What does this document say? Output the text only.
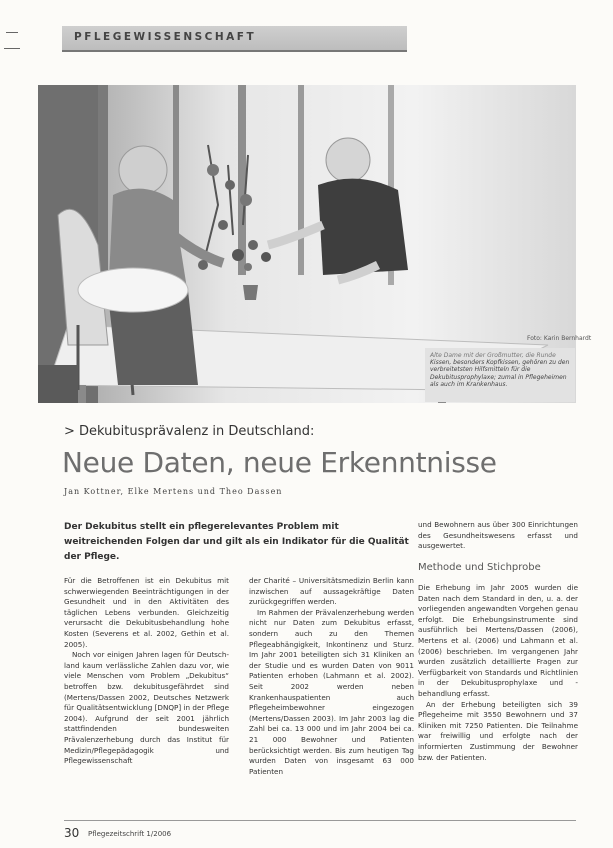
PFLEGEWISSENSCHAFT
Foto: Karin Bernhardt
Alte Dame mit der Großmutter, die Runde
Kissen, besonders Kopfkissen, gehören zu den verbreitetsten Hilfsmitteln für die Dekubitusprophylaxe; zumal in Pflegeheimen als auch im Krankenhaus.
> Dekubitusprävalenz in Deutschland:
Neue Daten, neue Erkenntnisse
Jan Kottner, Elke Mertens und Theo Dassen
Der Dekubitus stellt ein pflegerelevantes Problem mit weitreichenden Folgen dar und gilt als ein Indikator für die Qualität der Pflege.

Für die Betroffenen ist ein Dekubitus mit schwerwiegenden Beeinträchtigungen in der Gesundheit und in den Aktivitäten des täglichen Lebens verbunden. Gleichzeitig verursacht die Dekubitusbehandlung hohe Kosten (Severens et al. 2002, Gethin et al. 2005).

Noch vor einigen Jahren lagen für Deutschland kaum verlässliche Zahlen dazu vor, wie viele Menschen vom Problem „Dekubitus“ betroffen bzw. dekubitusgefährdet sind (Mertens/Dassen 2002, Deutsches Netzwerk für Qualitätsentwicklung [DNQP] in der Pflege 2004). Aufgrund der seit 2001 jährlich stattfindenden bundesweiten Prävalenzerhebung durch das Institut für Medizin/Pflegepädagogik und Pflegewissenschaft

der Charité – Universitätsmedizin Berlin kann inzwischen auf aussagekräftige Daten zurückgegriffen werden.

Im Rahmen der Prävalenzerhebung werden nicht nur Daten zum Dekubitus erfasst, sondern auch zu den Themen Pflegeabhängigkeit, Inkontinenz und Sturz. Im Jahr 2001 beteiligten sich 31 Kliniken an der Studie und es wurden Daten von 9011 Patienten erhoben (Lahmann et al. 2002). Seit 2002 werden neben Krankenhauspatienten auch Pflegeheimbewohner eingezogen (Mertens/Dassen 2003). Im Jahr 2003 lag die Zahl bei ca. 13 000 und im Jahr 2004 bei ca. 21 000 Bewohner und Patienten berücksichtigt werden. Bis zum heutigen Tag wurden Daten von insgesamt 63 000 Patienten

und Bewohnern aus über 300 Einrichtungen des Gesundheitswesens erfasst und ausgewertet.

Methode und Stichprobe

Die Erhebung im Jahr 2005 wurden die Daten nach dem Standard in den, u. a. der vorliegenden angewandten Vorgehen genau erfolgt. Die Erhebungsinstrumente sind ausführlich bei Mertens/Dassen (2006), Mertens et al. (2006) und Lahmann et al. (2006) beschrieben. Im vergangenen Jahr wurden zusätzlich detaillierte Fragen zur Verfügbarkeit von Standards und Richtlinien in der Dekubitusprophylaxe und -behandlung erfasst.

An der Erhebung beteiligten sich 39 Pflegeheime mit 3550 Bewohnern und 37 Kliniken mit 7250 Patienten. Die Teilnahme war freiwillig und erfolgte nach der informierten Zustimmung der Bewohner bzw. der Patienten.

30 Pflegezeitschrift 1/2006
